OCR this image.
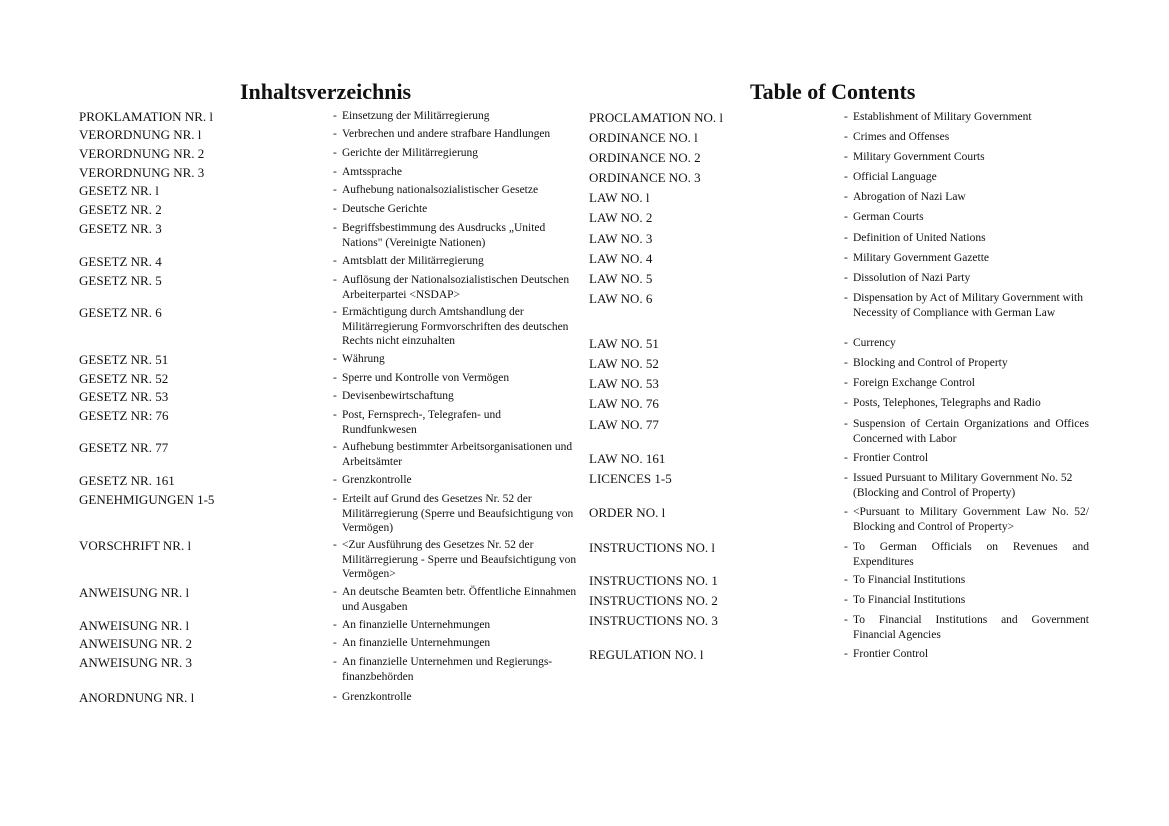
Inhaltsverzeichnis	Table of Contents
PROKLAMATION NR. l	- Einsetzung der Militärregierung
VERORDNUNG NR. l	- Verbrechen und andere strafbare Handlungen
VERORDNUNG NR. 2	- Gerichte der Militärregierung
VERORDNUNG NR. 3	- Amtssprache
GESETZ NR. l	- Aufhebung nationalsozialistischer Gesetze
GESETZ NR. 2	- Deutsche Gerichte
GESETZ NR. 3	- Begriffsbestimmung des Ausdrucks „United Nations" (Vereinigte Nationen)
GESETZ NR. 4	- Amtsblatt der Militärregierung
GESETZ NR. 5	- Auflösung der Nationalsozialistischen Deutschen Arbeiterpartei <NSDAP>
GESETZ NR. 6	- Ermächtigung durch Amtshandlung der Militärregierung Formvorschriften des deutschen Rechts nicht einzuhalten
GESETZ NR. 51	- Währung
GESETZ NR. 52	- Sperre und Kontrolle von Vermögen
GESETZ NR. 53	- Devisenbewirtschaftung
GESETZ NR: 76	- Post, Fernsprech-, Telegrafen- und Rundfunkwesen
GESETZ NR. 77	- Aufhebung bestimmter Arbeitsorganisationen und Arbeitsämter
GESETZ NR. 161	- Grenzkontrolle
GENEHMIGUNGEN 1-5	- Erteilt auf Grund des Gesetzes Nr. 52 der Militärregierung (Sperre und Beaufsichtigung von Vermögen)
VORSCHRIFT NR. l	- <Zur Ausführung des Gesetzes Nr. 52 der Militärregierung - Sperre und Beaufsichtigung von Vermögen>
ANWEISUNG NR. l	- An deutsche Beamten betr. Öffentliche Einnahmen und Ausgaben
ANWEISUNG NR. l	- An finanzielle Unternehmungen
ANWEISUNG NR. 2	- An finanzielle Unternehmungen
ANWEISUNG NR. 3	- An finanzielle Unternehmen und Regierungs-finanzbehörden
ANORDNUNG NR. l	- Grenzkontrolle
PROCLAMATION NO. l	- Establishment of Military Government
ORDINANCE NO. l	- Crimes and Offenses
ORDINANCE NO. 2	- Military Government Courts
ORDINANCE NO. 3	- Official Language
LAW NO. l	- Abrogation of Nazi Law
LAW NO. 2	- German Courts
LAW NO. 3	- Definition of United Nations
LAW NO. 4	- Military Government Gazette
LAW NO. 5	- Dissolution of Nazi Party
LAW NO. 6	- Dispensation by Act of Military Government with Necessity of Compliance with German Law
LAW NO. 51	- Currency
LAW NO. 52	- Blocking and Control of Property
LAW NO. 53	- Foreign Exchange Control
LAW NO. 76	- Posts, Telephones, Telegraphs and Radio
LAW NO. 77	- Suspension of Certain Organizations and Offices Concerned with Labor
LAW NO. 161	- Frontier Control
LICENCES 1-5	- Issued Pursuant to Military Government No. 52 (Blocking and Control of Property)
ORDER NO. l	- <Pursuant to Military Government Law No. 52/ Blocking and Control of Property>
INSTRUCTIONS NO. l	- To German Officials on Revenues and Expenditures
INSTRUCTIONS NO. 1	- To Financial Institutions
INSTRUCTIONS NO. 2	- To Financial Institutions
INSTRUCTIONS NO. 3	- To Financial Institutions and Government Financial Agencies
REGULATION NO. l	- Frontier Control
